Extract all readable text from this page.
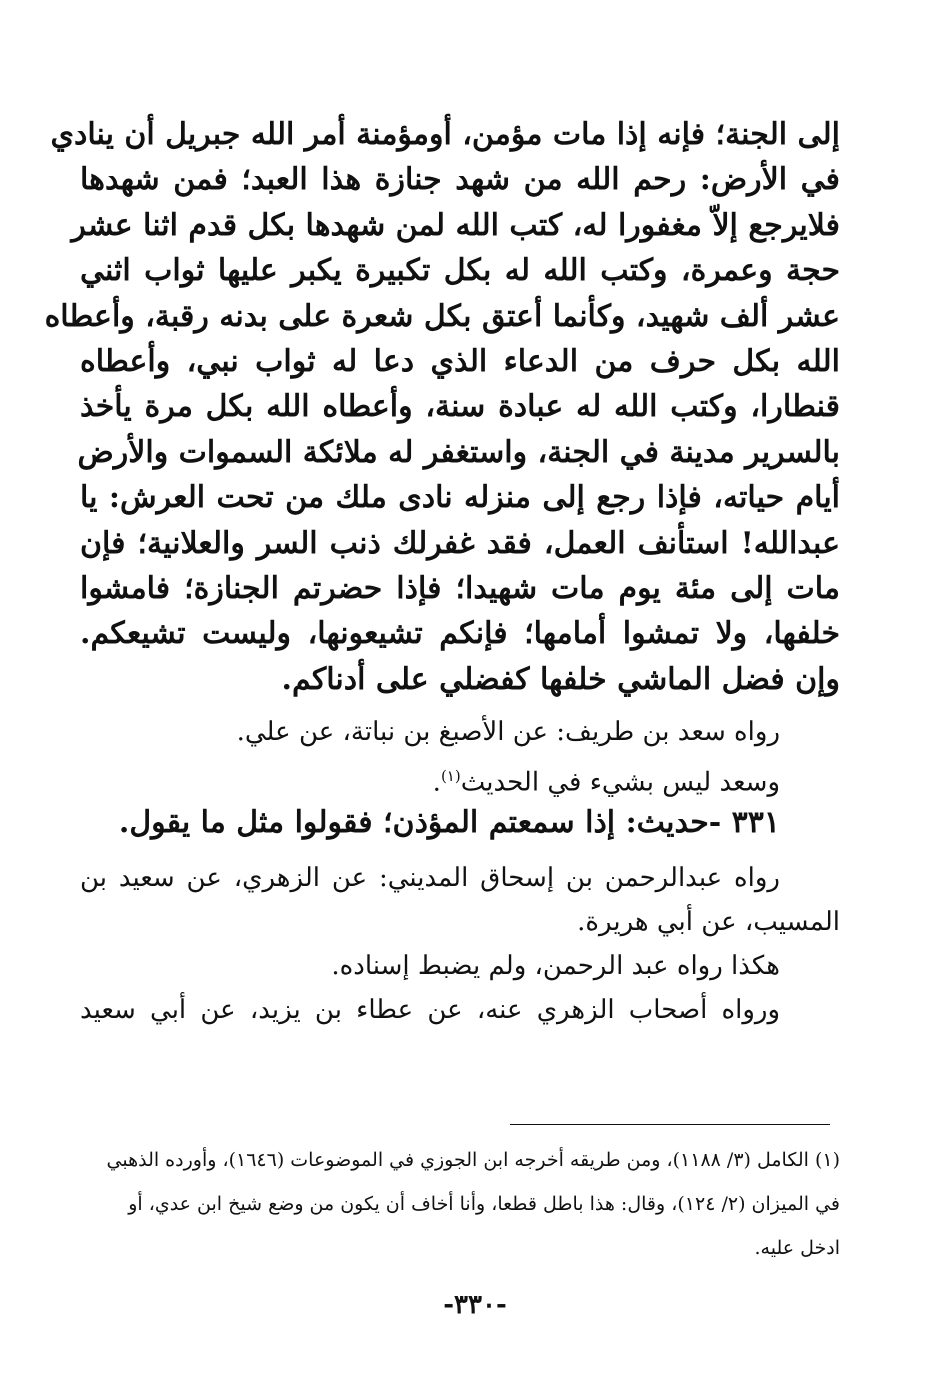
إلى الجنة؛ فإنه إذا مات مؤمن، أومؤمنة أمر الله جبريل أن ينادي
في الأرض: رحم الله من شهد جنازة هذا العبد؛ فمن شهدها
فلايرجع إلاّ مغفورا له، كتب الله لمن شهدها بكل قدم اثنا عشر
حجة وعمرة، وكتب الله له بكل تكبيرة يكبر عليها ثواب اثني
عشر ألف شهيد، وكأنما أعتق بكل شعرة على بدنه رقبة، وأعطاه
الله بكل حرف من الدعاء الذي دعا له ثواب نبي، وأعطاه
قنطارا، وكتب الله له عبادة سنة، وأعطاه الله بكل مرة يأخذ
بالسرير مدينة في الجنة، واستغفر له ملائكة السموات والأرض
أيام حياته، فإذا رجع إلى منزله نادى ملك من تحت العرش: يا
عبدالله! استأنف العمل، فقد غفرلك ذنب السر والعلانية؛ فإن
مات إلى مئة يوم مات شهيدا؛ فإذا حضرتم الجنازة؛ فامشوا
خلفها، ولا تمشوا أمامها؛ فإنكم تشيعونها، وليست تشيعكم.
وإن فضل الماشي خلفها كفضلي على أدناكم.
رواه سعد بن طريف: عن الأصبغ بن نباتة، عن علي.
وسعد ليس بشيء في الحديث$^{(١)}$.
٣٣١ -حديث: إذا سمعتم المؤذن؛ فقولوا مثل ما يقول.
رواه عبدالرحمن بن إسحاق المديني: عن الزهري، عن سعيد بن
المسيب، عن أبي هريرة.
هكذا رواه عبد الرحمن، ولم يضبط إسناده.
ورواه أصحاب الزهري عنه، عن عطاء بن يزيد، عن أبي سعيد
(١) الكامل (٣/ ١١٨٨)، ومن طريقه أخرجه ابن الجوزي في الموضوعات (١٦٤٦)، وأورده الذهبي
في الميزان (٢/ ١٢٤)، وقال: هذا باطل قطعا، وأنا أخاف أن يكون من وضع شيخ ابن عدي، أو
ادخل عليه.
-٣٣٠-
